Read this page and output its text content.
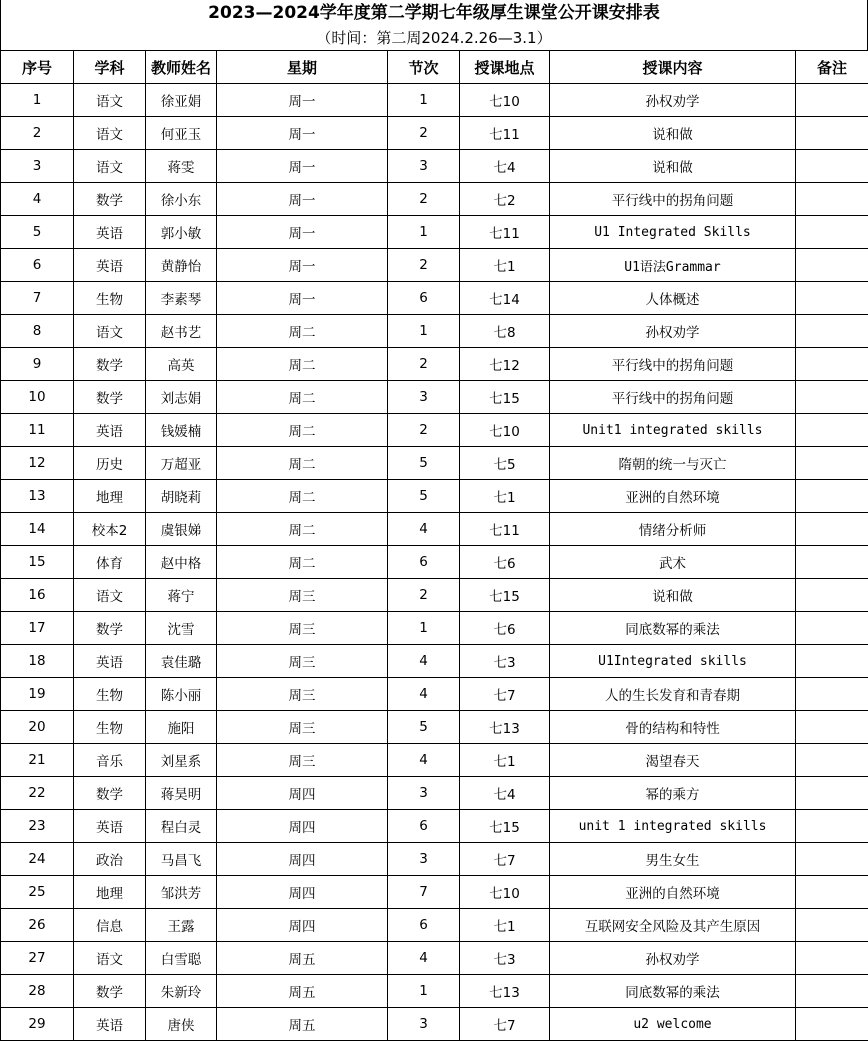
2023—2024学年度第二学期七年级厚生课堂公开课安排表
（时间：第二周2024.2.26—3.1）
序号	学科	教师姓名	星期	节次	授课地点	授课内容	备注
1	语文	徐亚娟	周一	1	七10	孙权劝学	
2	语文	何亚玉	周一	2	七11	说和做	
3	语文	蒋雯	周一	3	七4	说和做	
4	数学	徐小东	周一	2	七2	平行线中的拐角问题	
5	英语	郭小敏	周一	1	七11	U1 Integrated Skills	
6	英语	黄静怡	周一	2	七1	U1语法Grammar	
7	生物	李素琴	周一	6	七14	人体概述	
8	语文	赵书艺	周二	1	七8	孙权劝学	
9	数学	高英	周二	2	七12	平行线中的拐角问题	
10	数学	刘志娟	周二	3	七15	平行线中的拐角问题	
11	英语	钱媛楠	周二	2	七10	Unit1 integrated skills	
12	历史	万超亚	周二	5	七5	隋朝的统一与灭亡	
13	地理	胡晓莉	周二	5	七1	亚洲的自然环境	
14	校本2	虞银娣	周二	4	七11	情绪分析师	
15	体育	赵中格	周二	6	七6	武术	
16	语文	蒋宁	周三	2	七15	说和做	
17	数学	沈雪	周三	1	七6	同底数幂的乘法	
18	英语	袁佳璐	周三	4	七3	U1Integrated skills	
19	生物	陈小丽	周三	4	七7	人的生长发育和青春期	
20	生物	施阳	周三	5	七13	骨的结构和特性	
21	音乐	刘星系	周三	4	七1	渴望春天	
22	数学	蒋昊明	周四	3	七4	幂的乘方	
23	英语	程白灵	周四	6	七15	unit 1 integrated skills	
24	政治	马昌飞	周四	3	七7	男生女生	
25	地理	邹洪芳	周四	7	七10	亚洲的自然环境	
26	信息	王露	周四	6	七1	互联网安全风险及其产生原因	
27	语文	白雪聪	周五	4	七3	孙权劝学	
28	数学	朱新玲	周五	1	七13	同底数幂的乘法	
29	英语	唐侠	周五	3	七7	u2 welcome	
